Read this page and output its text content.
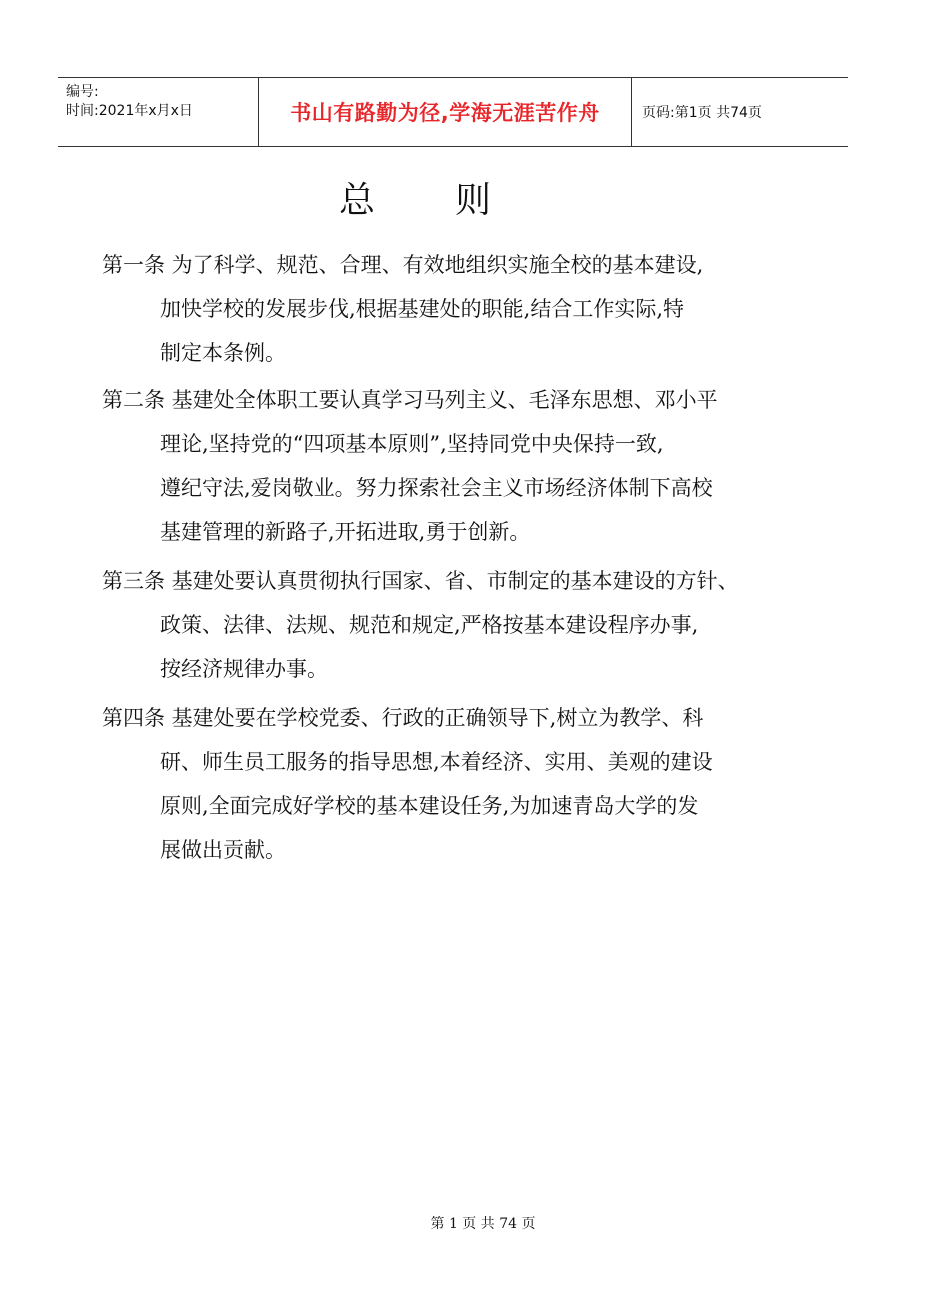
编号:
时间:2021年x月x日	书山有路勤为径,学海无涯苦作舟	页码:第1页 共74页
总则
第一条 为了科学、规范、合理、有效地组织实施全校的基本建设,
加快学校的发展步伐,根据基建处的职能,结合工作实际,特
制定本条例。
第二条 基建处全体职工要认真学习马列主义、毛泽东思想、邓小平
理论,坚持党的“四项基本原则”,坚持同党中央保持一致,
遵纪守法,爱岗敬业。努力探索社会主义市场经济体制下高校
基建管理的新路子,开拓进取,勇于创新。
第三条 基建处要认真贯彻执行国家、省、市制定的基本建设的方针、
政策、法律、法规、规范和规定,严格按基本建设程序办事,
按经济规律办事。
第四条 基建处要在学校党委、行政的正确领导下,树立为教学、科
研、师生员工服务的指导思想,本着经济、实用、美观的建设
原则,全面完成好学校的基本建设任务,为加速青岛大学的发
展做出贡献。
第 1 页 共 74 页
